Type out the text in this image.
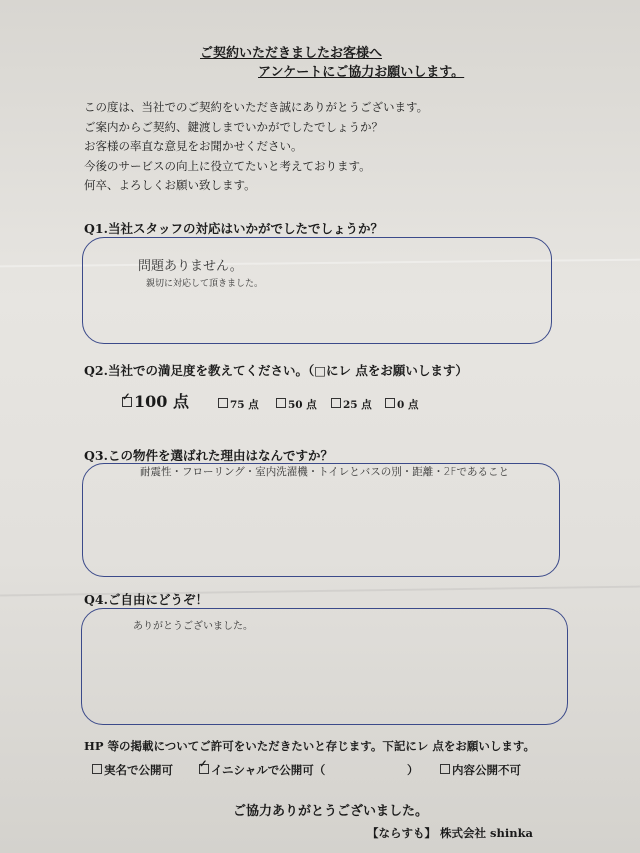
ご契約いただきましたお客様へ
アンケートにご協力お願いします。
この度は、当社でのご契約をいただき誠にありがとうございます。
ご案内からご契約、鍵渡しまでいかがでしたでしょうか？
お客様の率直な意見をお聞かせください。
今後のサービスの向上に役立てたいと考えております。
何卒、よろしくお願い致します。
Q1.当社スタッフの対応はいかがでしたでしょうか？
問題ありません。
親切に対応して頂きました。
Q2.当社での満足度を教えてください。（□にレ 点をお願いします）
✓100 点	75 点	50 点	25 点	0 点
Q3.この物件を選ばれた理由はなんですか？
耐震性・フローリング・室内洗濯機・トイレとバスの別・距離・2Fであること
Q4.ご自由にどうぞ！
ありがとうございました。
HP 等の掲載についてご許可をいただきたいと存じます。下記にレ 点をお願いします。
実名で公開可
✓	イニシャルで公開可（	）	内容公開不可
ご協力ありがとうございました。
【ならすも】 株式会社 shinka
